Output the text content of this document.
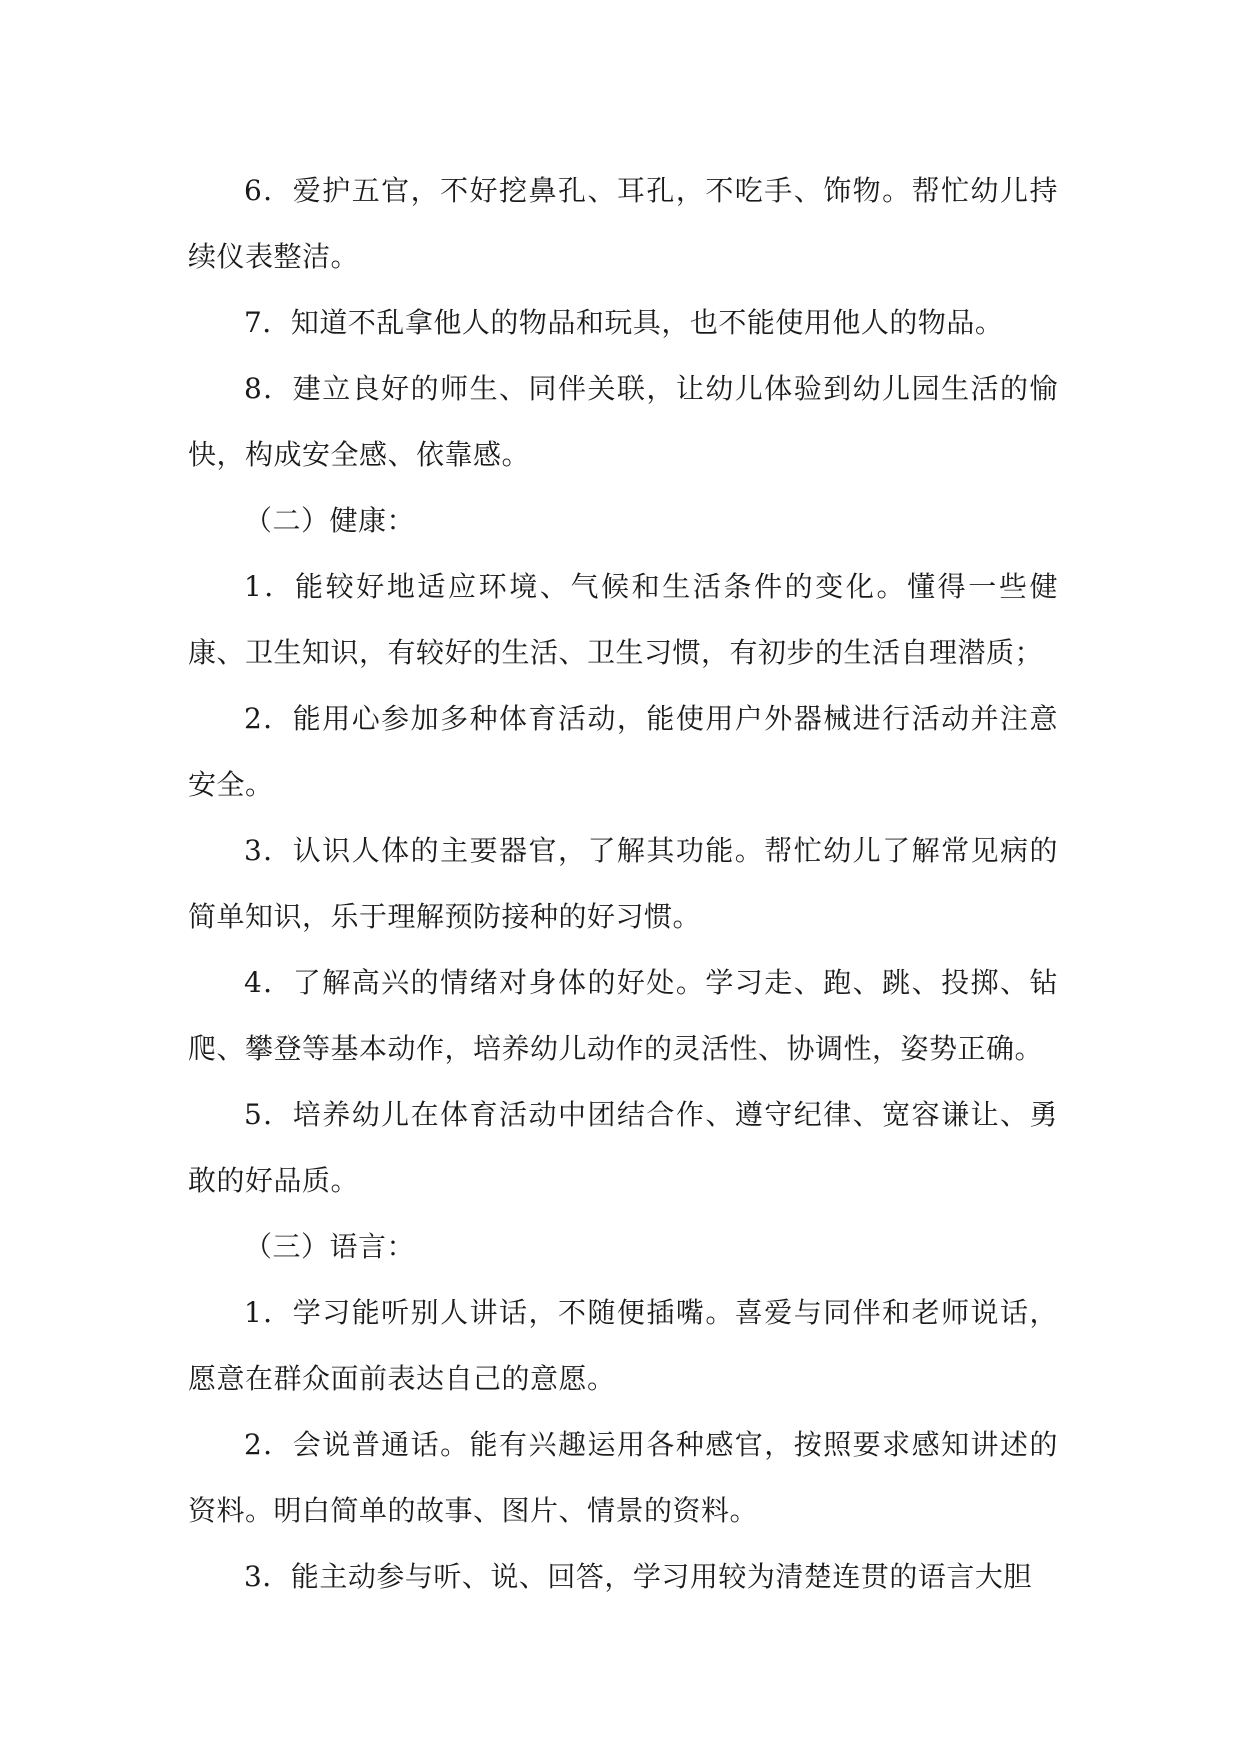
6．爱护五官，不好挖鼻孔、耳孔，不吃手、饰物。帮忙幼儿持续仪表整洁。

7．知道不乱拿他人的物品和玩具，也不能使用他人的物品。

8．建立良好的师生、同伴关联，让幼儿体验到幼儿园生活的愉快，构成安全感、依靠感。

（二）健康：

1．能较好地适应环境、气候和生活条件的变化。懂得一些健康、卫生知识，有较好的生活、卫生习惯，有初步的生活自理潜质；

2．能用心参加多种体育活动，能使用户外器械进行活动并注意安全。

3．认识人体的主要器官，了解其功能。帮忙幼儿了解常见病的简单知识，乐于理解预防接种的好习惯。

4．了解高兴的情绪对身体的好处。学习走、跑、跳、投掷、钻爬、攀登等基本动作，培养幼儿动作的灵活性、协调性，姿势正确。

5．培养幼儿在体育活动中团结合作、遵守纪律、宽容谦让、勇敢的好品质。

（三）语言：

1．学习能听别人讲话，不随便插嘴。喜爱与同伴和老师说话，愿意在群众面前表达自己的意愿。

2．会说普通话。能有兴趣运用各种感官，按照要求感知讲述的资料。明白简单的故事、图片、情景的资料。

3．能主动参与听、说、回答，学习用较为清楚连贯的语言大胆
